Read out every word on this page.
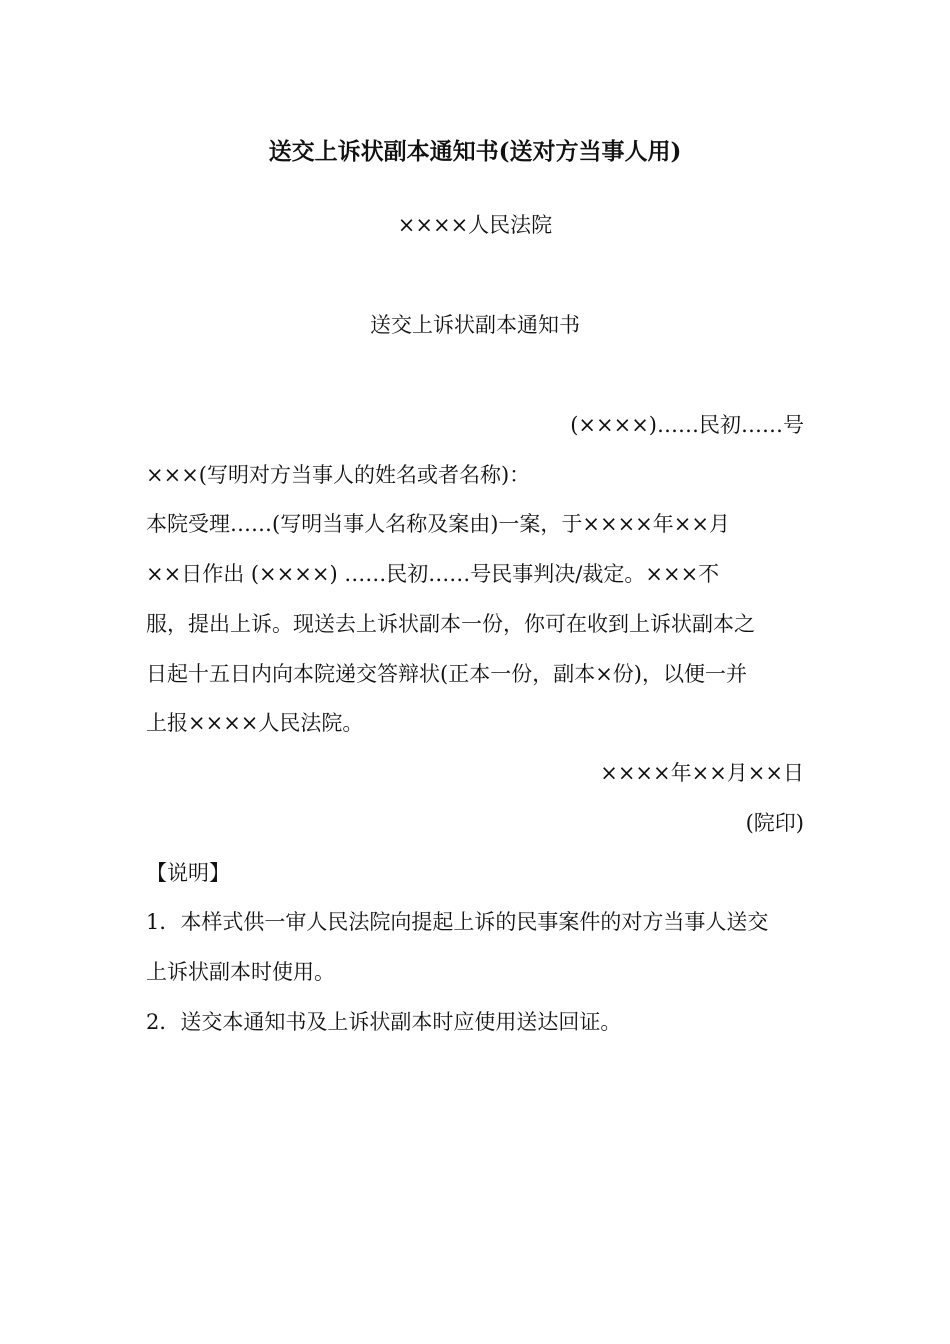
送交上诉状副本通知书(送对方当事人用)
××××人民法院
送交上诉状副本通知书
(××××)……民初……号
×××(写明对方当事人的姓名或者名称)：
本院受理……(写明当事人名称及案由)一案，于××××年××月
××日作出 (××××) ……民初……号民事判决/裁定。×××不
服，提出上诉。现送去上诉状副本一份，你可在收到上诉状副本之
日起十五日内向本院递交答辩状(正本一份，副本×份)，以便一并
上报××××人民法院。
××××年××月××日
(院印)
【说明】
1．本样式供一审人民法院向提起上诉的民事案件的对方当事人送交
上诉状副本时使用。
2．送交本通知书及上诉状副本时应使用送达回证。
